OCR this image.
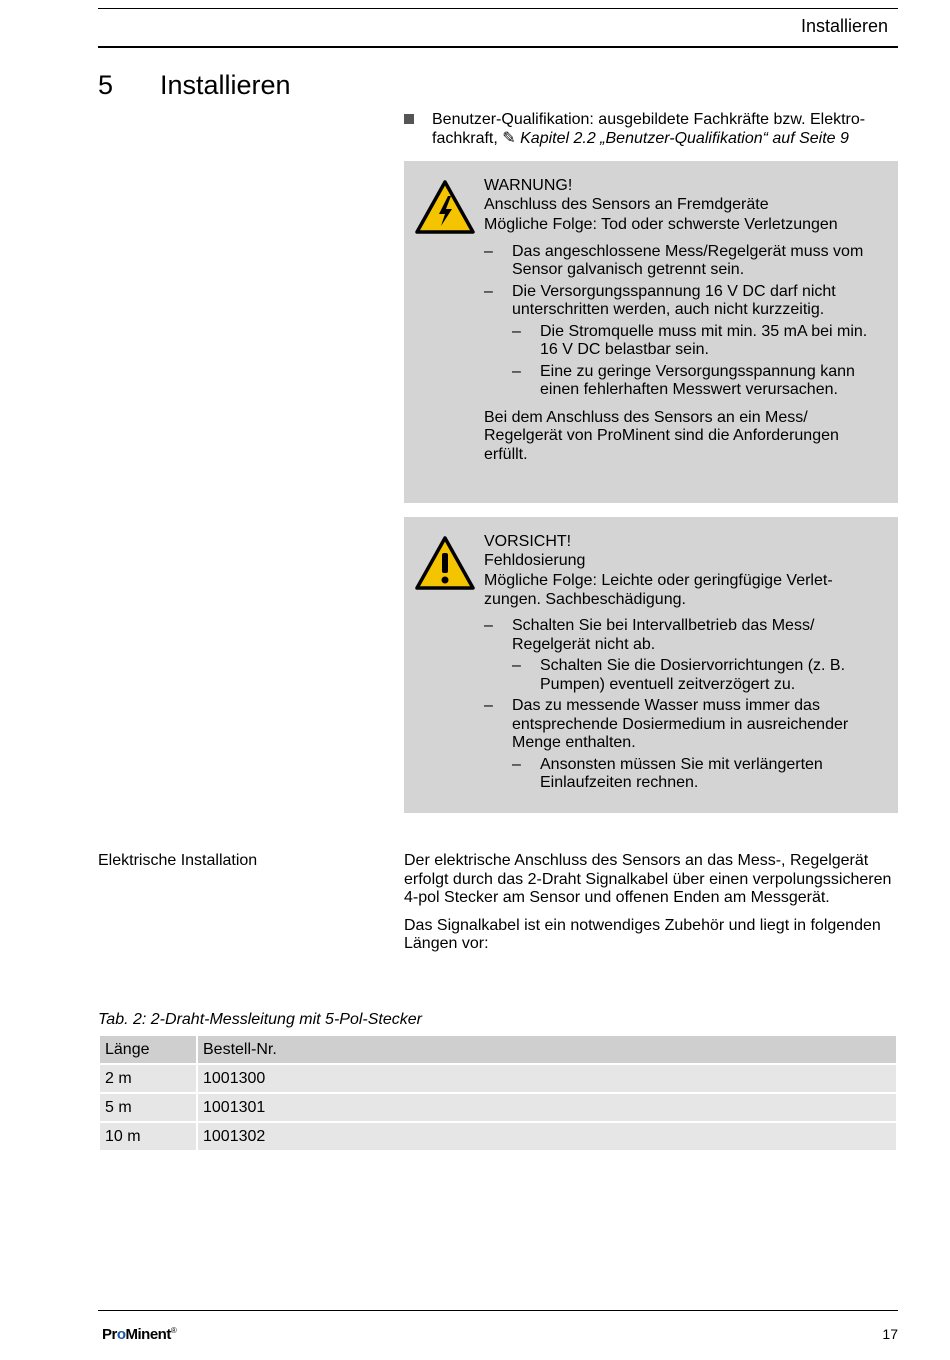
Installieren
5 Installieren
Benutzer-Qualifikation: ausgebildete Fachkräfte bzw. Elektrofachkraft, ✎ Kapitel 2.2 „Benutzer-Qualifikation“ auf Seite 9

WARNUNG!

Anschluss des Sensors an Fremdgeräte

Mögliche Folge: Tod oder schwerste Verletzungen

– Das angeschlossene Mess/Regelgerät muss vom Sensor galvanisch getrennt sein.

– Die Versorgungsspannung 16 V DC darf nicht unterschritten werden, auch nicht kurzzeitig.

– Die Stromquelle muss mit min. 35 mA bei min. 16 V DC belastbar sein.

– Eine zu geringe Versorgungsspannung kann einen fehlerhaften Messwert verursachen.

Bei dem Anschluss des Sensors an ein Mess/ Regelgerät von ProMinent sind die Anforderungen erfüllt.

VORSICHT!

Fehldosierung

Mögliche Folge: Leichte oder geringfügige Verletzungen. Sachbeschädigung.

– Schalten Sie bei Intervallbetrieb das Mess/ Regelgerät nicht ab.

– Schalten Sie die Dosiervorrichtungen (z. B. Pumpen) eventuell zeitverzögert zu.

– Das zu messende Wasser muss immer das entsprechende Dosiermedium in ausreichender Menge enthalten.

– Ansonsten müssen Sie mit verlängerten Einlaufzeiten rechnen.

Elektrische Installation	Der elektrische Anschluss des Sensors an das Mess-, Regelgerät erfolgt durch das 2-Draht Signalkabel über einen verpolungssicheren 4-pol Stecker am Sensor und offenen Enden am Messgerät.

Das Signalkabel ist ein notwendiges Zubehör und liegt in folgenden Längen vor:

Tab. 2: 2-Draht-Messleitung mit 5-Pol-Stecker
Länge	Bestell-Nr.
2 m	1001300
5 m	1001301
10 m	1001302
ProMinent®	17
